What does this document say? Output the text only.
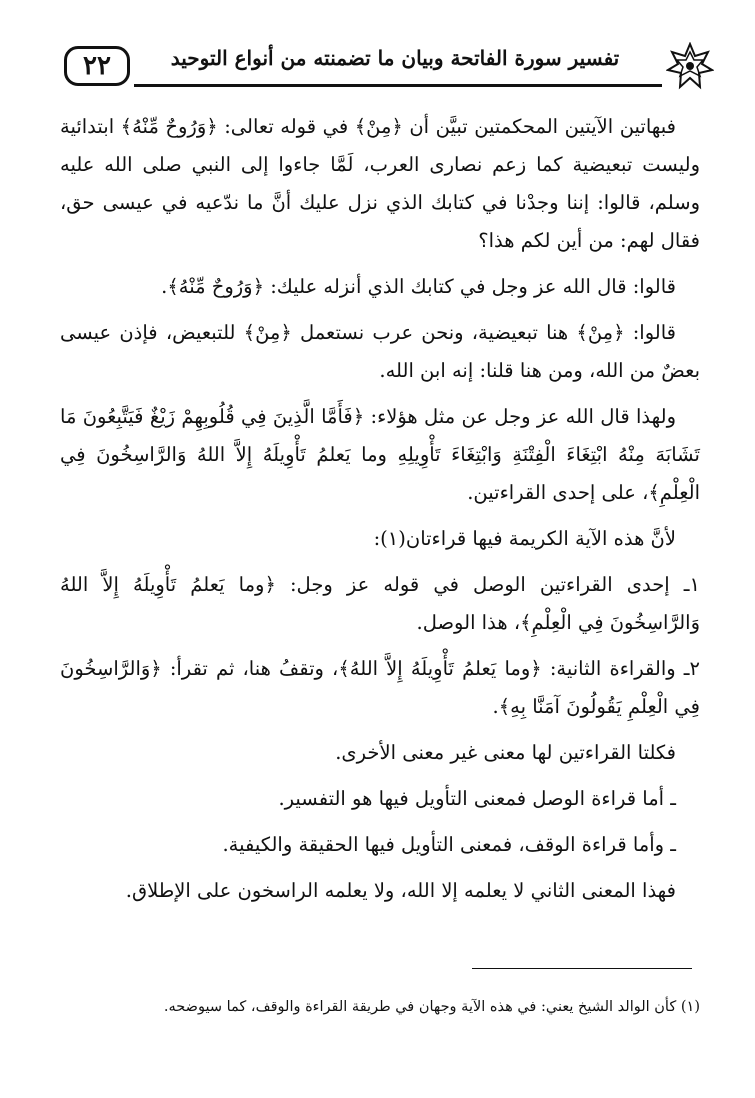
٢٢	تفسير سورة الفاتحة وبيان ما تضمنته من أنواع التوحيد

فبهاتين الآيتين المحكمتين تبيَّن أن ﴿مِنْ﴾ في قوله تعالى: ﴿وَرُوحٌ مِّنْهُ﴾ ابتدائية وليست تبعيضية كما زعم نصارى العرب، لَمَّا جاءوا إلى النبي صلى الله عليه وسلم، قالوا: إننا وجدْنا في كتابك الذي نزل عليك أنَّ ما ندّعيه في عيسى حق، فقال لهم: من أين لكم هذا؟

قالوا: قال الله عز وجل في كتابك الذي أنزله عليك: ﴿وَرُوحٌ مِّنْهُ﴾.

قالوا: ﴿مِنْ﴾ هنا تبعيضية، ونحن عرب نستعمل ﴿مِنْ﴾ للتبعيض، فإذن عيسى بعضٌ من الله، ومن هنا قلنا: إنه ابن الله.

ولهذا قال الله عز وجل عن مثل هؤلاء: ﴿فَأَمَّا الَّذِينَ فِي قُلُوبِهِمْ زَيْغٌ فَيَتَّبِعُونَ مَا تَشَابَهَ مِنْهُ ابْتِغَاءَ الْفِتْنَةِ وَابْتِغَاءَ تَأْوِيلِهِ وما يَعلمُ تَأْوِيلَهُ إِلاَّ اللهُ وَالرَّاسِخُونَ فِي الْعِلْمِ﴾، على إحدى القراءتين.

لأنَّ هذه الآية الكريمة فيها قراءتان(١):

١ـ إحدى القراءتين الوصل في قوله عز وجل: ﴿وما يَعلمُ تَأْوِيلَهُ إِلاَّ اللهُ وَالرَّاسِخُونَ فِي الْعِلْمِ﴾، هذا الوصل.

٢ـ والقراءة الثانية: ﴿وما يَعلمُ تَأْوِيلَهُ إِلاَّ اللهُ﴾، وتقفُ هنا، ثم تقرأ: ﴿وَالرَّاسِخُونَ فِي الْعِلْمِ يَقُولُونَ آمَنَّا بِهِ﴾.

فكلتا القراءتين لها معنى غير معنى الأخرى.

ـ أما قراءة الوصل فمعنى التأويل فيها هو التفسير.

ـ وأما قراءة الوقف، فمعنى التأويل فيها الحقيقة والكيفية.

فهذا المعنى الثاني لا يعلمه إلا الله، ولا يعلمه الراسخون على الإطلاق.

(١) كأن الوالد الشيخ يعني: في هذه الآية وجهان في طريقة القراءة والوقف، كما سيوضحه.
